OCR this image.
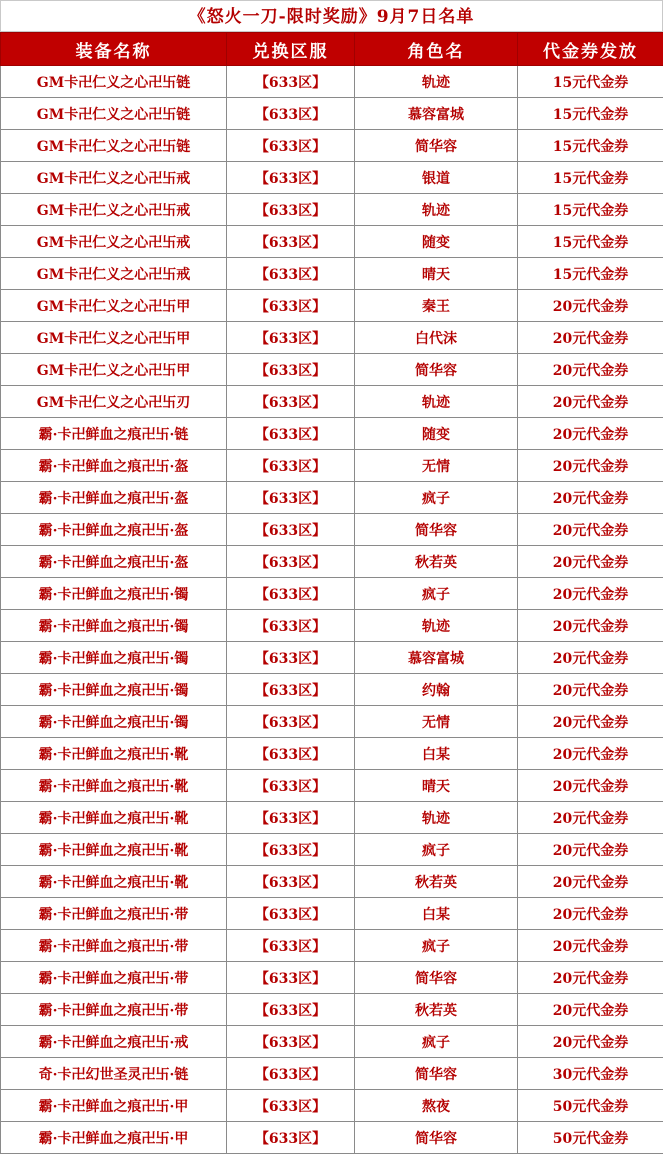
《怒火一刀-限时奖励》9月7日名单
装备名称	兑换区服	角色名	代金券发放
GM卡卍仁义之心卍卐链	【633区】	轨迹	15元代金券
GM卡卍仁义之心卍卐链	【633区】	慕容富城	15元代金券
GM卡卍仁义之心卍卐链	【633区】	简华容	15元代金券
GM卡卍仁义之心卍卐戒	【633区】	银道	15元代金券
GM卡卍仁义之心卍卐戒	【633区】	轨迹	15元代金券
GM卡卍仁义之心卍卐戒	【633区】	随变	15元代金券
GM卡卍仁义之心卍卐戒	【633区】	晴天	15元代金券
GM卡卍仁义之心卍卐甲	【633区】	秦王	20元代金券
GM卡卍仁义之心卍卐甲	【633区】	白代沫	20元代金券
GM卡卍仁义之心卍卐甲	【633区】	简华容	20元代金券
GM卡卍仁义之心卍卐刃	【633区】	轨迹	20元代金券
霸·卡卍鲜血之痕卍卐·链	【633区】	随变	20元代金券
霸·卡卍鲜血之痕卍卐·盔	【633区】	无情	20元代金券
霸·卡卍鲜血之痕卍卐·盔	【633区】	疯子	20元代金券
霸·卡卍鲜血之痕卍卐·盔	【633区】	简华容	20元代金券
霸·卡卍鲜血之痕卍卐·盔	【633区】	秋若英	20元代金券
霸·卡卍鲜血之痕卍卐·镯	【633区】	疯子	20元代金券
霸·卡卍鲜血之痕卍卐·镯	【633区】	轨迹	20元代金券
霸·卡卍鲜血之痕卍卐·镯	【633区】	慕容富城	20元代金券
霸·卡卍鲜血之痕卍卐·镯	【633区】	约翰	20元代金券
霸·卡卍鲜血之痕卍卐·镯	【633区】	无情	20元代金券
霸·卡卍鲜血之痕卍卐·靴	【633区】	白某	20元代金券
霸·卡卍鲜血之痕卍卐·靴	【633区】	晴天	20元代金券
霸·卡卍鲜血之痕卍卐·靴	【633区】	轨迹	20元代金券
霸·卡卍鲜血之痕卍卐·靴	【633区】	疯子	20元代金券
霸·卡卍鲜血之痕卍卐·靴	【633区】	秋若英	20元代金券
霸·卡卍鲜血之痕卍卐·带	【633区】	白某	20元代金券
霸·卡卍鲜血之痕卍卐·带	【633区】	疯子	20元代金券
霸·卡卍鲜血之痕卍卐·带	【633区】	简华容	20元代金券
霸·卡卍鲜血之痕卍卐·带	【633区】	秋若英	20元代金券
霸·卡卍鲜血之痕卍卐·戒	【633区】	疯子	20元代金券
奇·卡卍幻世圣灵卍卐·链	【633区】	简华容	30元代金券
霸·卡卍鲜血之痕卍卐·甲	【633区】	熬夜	50元代金券
霸·卡卍鲜血之痕卍卐·甲	【633区】	简华容	50元代金券
